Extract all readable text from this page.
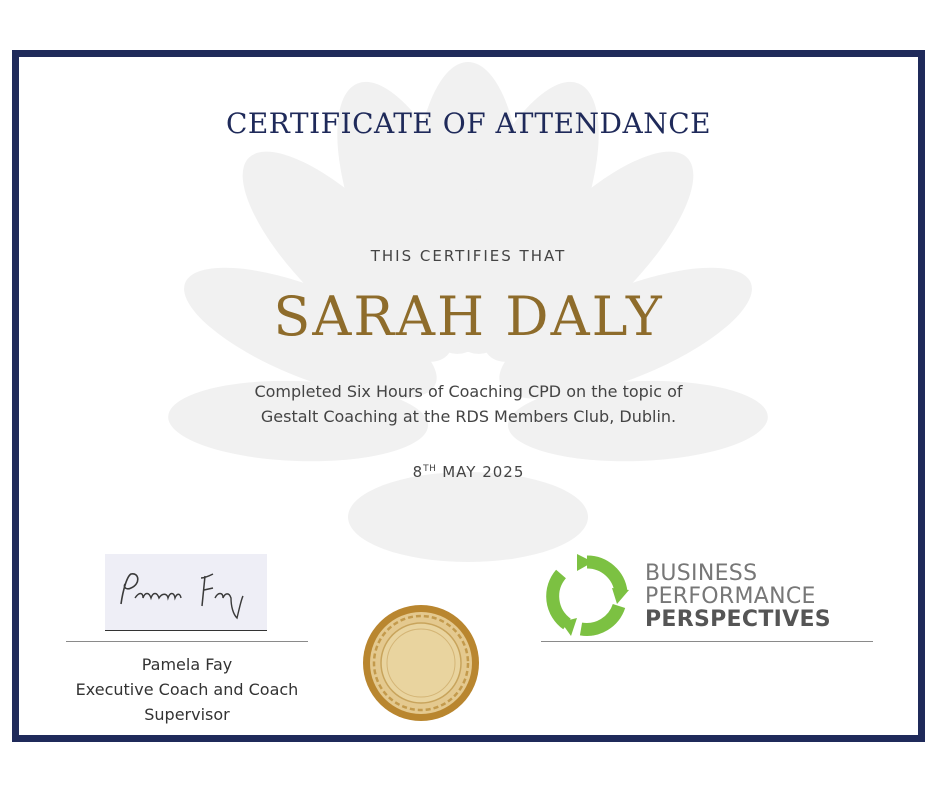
CERTIFICATE OF ATTENDANCE
THIS CERTIFIES THAT
SARAH DALY
Completed Six Hours of Coaching CPD on the topic of
Gestalt Coaching at the RDS Members Club, Dublin.
8TH MAY 2025
Pamela Fay
Executive Coach and Coach
Supervisor
BUSINESS
PERFORMANCE
PERSPECTIVES
